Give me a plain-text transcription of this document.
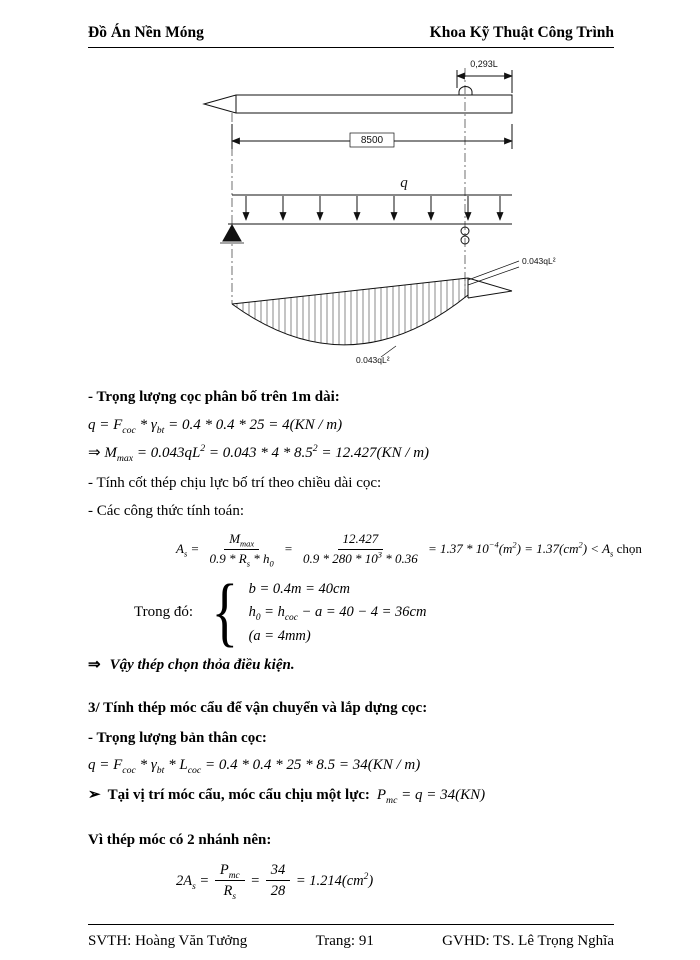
Đồ Án Nền Móng	Khoa Kỹ Thuật Công Trình
0,293L
8500
q
0.043qL²
0.043qL²

- Trọng lượng cọc phân bố trên 1m dài:

$q = F_{coc} * \gamma_{bt} = 0.4 * 0.4 * 25 = 4(KN / m)$

⇒ $M_{max} = 0.043qL^2 = 0.043 * 4 * 8.5^2 = 12.427(KN / m)$

- Tính cốt thép chịu lực bố trí theo chiều dài cọc:

- Các công thức tính toán:

$A_s = \frac{M_{max}}{0.9 * R_s * h_0} = \frac{12.427}{0.9 * 280 * 10^3 * 0.36} = 1.37 * 10^{-4}(m^2) = 1.37(cm^2) < A_s$ chọn
Trong đó: { b = 0.4m = 40cm
$h_0 = h_{coc} - a = 40 - 4 = 36cm$
(a = 4mm)

⇒ Vậy thép chọn thỏa điều kiện.

3/ Tính thép móc cẩu để vận chuyển và lắp dựng cọc:

- Trọng lượng bản thân cọc:

$q = F_{coc} * \gamma_{bt} * L_{coc} = 0.4 * 0.4 * 25 * 8.5 = 34(KN / m)$

➢ Tại vị trí móc cẩu, móc cẩu chịu một lực: $P_{mc} = q = 34(KN)$

Vì thép móc có 2 nhánh nên:

$2A_s = \frac{P_{mc}}{R_s} = \frac{34}{28} = 1.214(cm^2)$
SVTH: Hoàng Văn Tưởng	Trang: 91	GVHD: TS. Lê Trọng Nghĩa
